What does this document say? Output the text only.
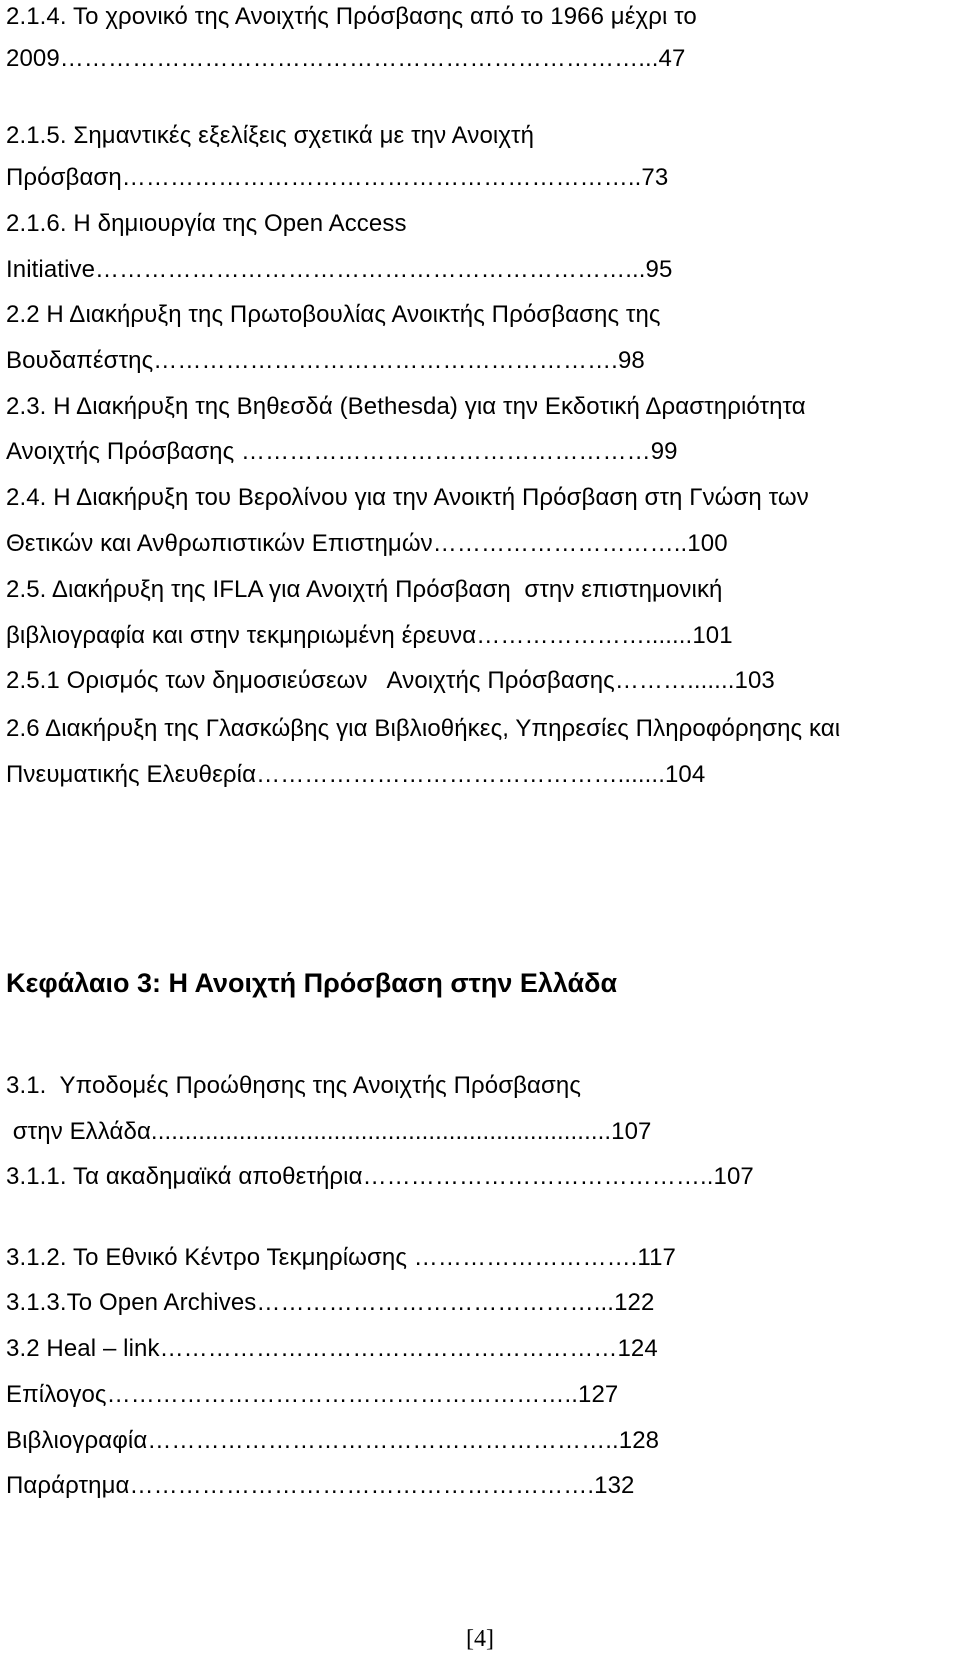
2.1.4. Το χρονικό της Ανοιχτής Πρόσβασης από το 1966 μέχρι το
2009………………………………………………………………...47
2.1.5. Σημαντικές εξελίξεις σχετικά με την Ανοιχτή
Πρόσβαση………………………………………………………..73
2.1.6. Η δημιουργία της Open Access
Initiative…………………………………………………………...95
2.2 Η Διακήρυξη της Πρωτοβουλίας Ανοικτής Πρόσβασης της
Βουδαπέστης………………………………………………….98
2.3. Η Διακήρυξη της Βηθεσδά (Bethesda) για την Εκδοτική Δραστηριότητα
Ανοιχτής Πρόσβασης ……………………………………………99
2.4. Η Διακήρυξη του Βερολίνου για την Ανοικτή Πρόσβαση στη Γνώση των
Θετικών και Ανθρωπιστικών Επιστημών…………………………..100
2.5. Διακήρυξη της IFLA για Ανοιχτή Πρόσβαση  στην επιστημονική
βιβλιογραφία και στην τεκμηριωμένη έρευνα………………….......101
2.5.1 Ορισμός των δημοσιεύσεων   Ανοιχτής Πρόσβασης……….......103
2.6 Διακήρυξη της Γλασκώβης για Βιβλιοθήκες, Υπηρεσίες Πληροφόρησης και
Πνευματικής Ελευθερία……………………………………….......104
Κεφάλαιο 3: Η Ανοιχτή Πρόσβαση στην Ελλάδα
3.1.  Υποδομές Προώθησης της Ανοιχτής Πρόσβασης
στην Ελλάδα....................................................................107
3.1.1. Τα ακαδημαϊκά αποθετήρια……………………………………..107
3.1.2. Το Εθνικό Κέντρο Τεκμηρίωσης ……………………….117
3.1.3.Το Open Archives……………………………………...122
3.2 Heal – link…………………………………………………124
Επίλογος…………………………………………………..127
Βιβλιογραφία…………………………………………………..128
Παράρτημα………………………………………………….132
[4]
